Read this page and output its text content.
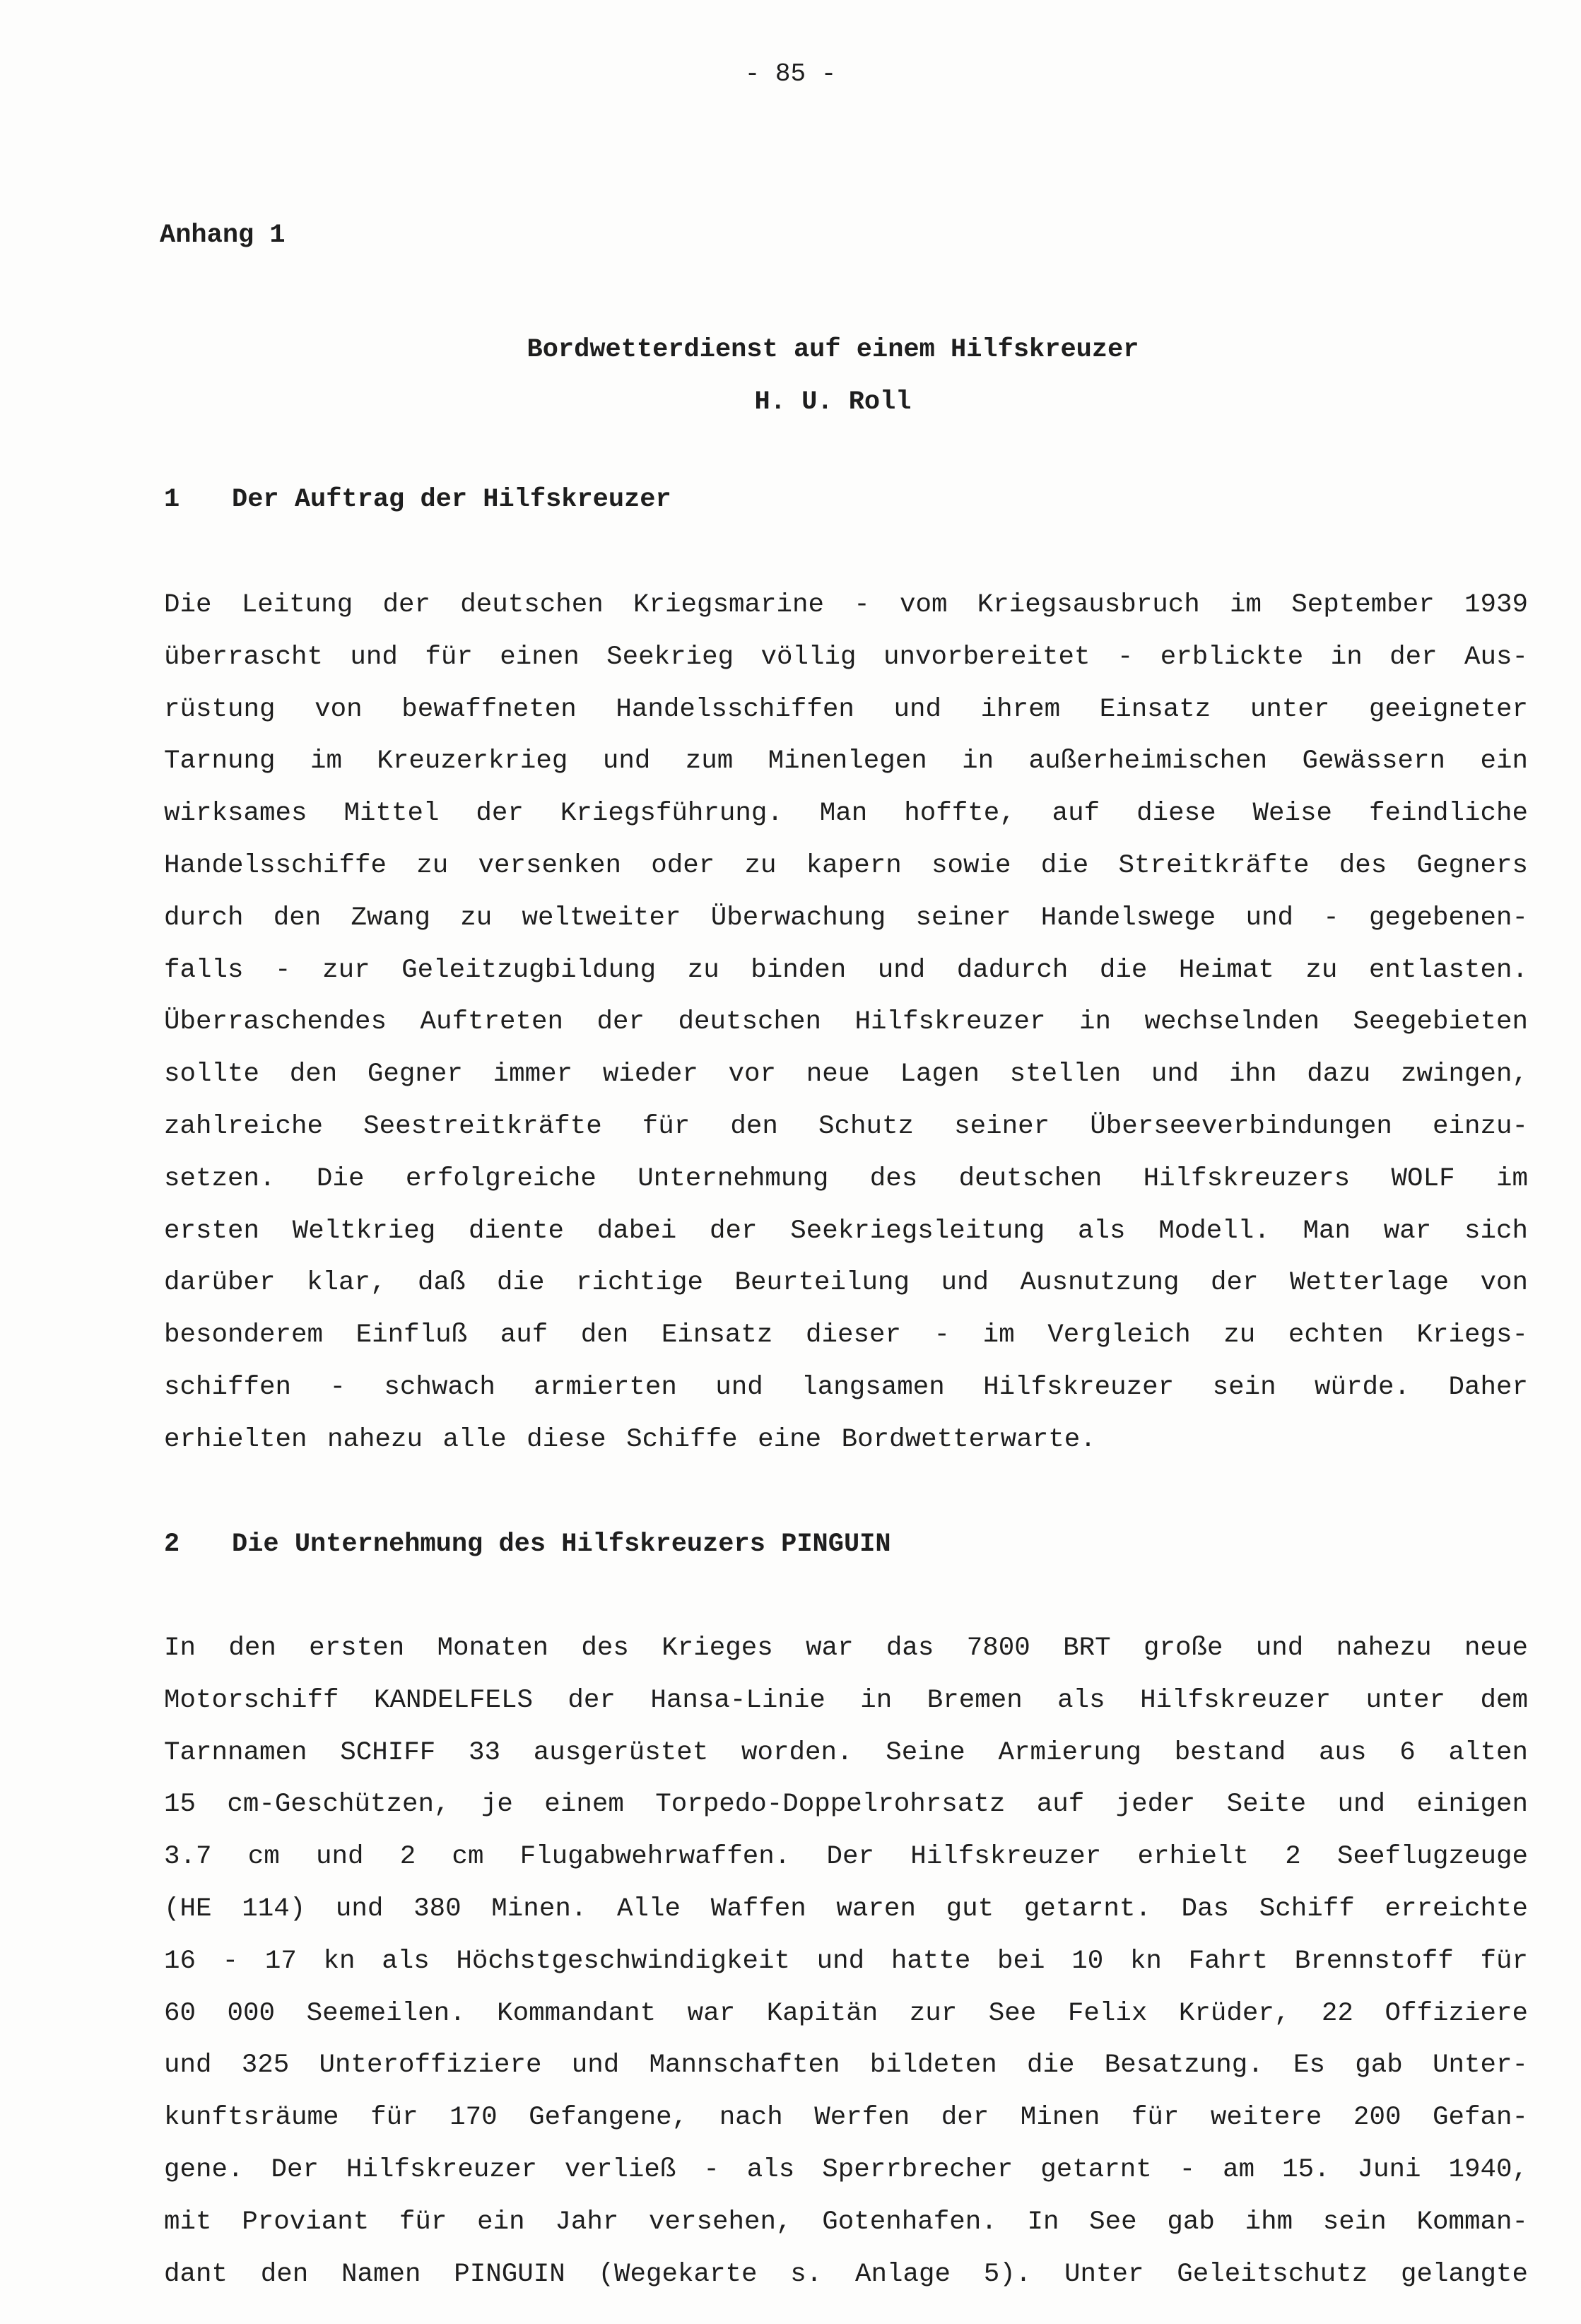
- 85 -
Anhang 1
Bordwetterdienst auf einem Hilfskreuzer
H. U. Roll
1 Der Auftrag der Hilfskreuzer
Die Leitung der deutschen Kriegsmarine - vom Kriegsausbruch im September 1939
überrascht und für einen Seekrieg völlig unvorbereitet - erblickte in der Aus-
rüstung von bewaffneten Handelsschiffen und ihrem Einsatz unter geeigneter
Tarnung im Kreuzerkrieg und zum Minenlegen in außerheimischen Gewässern ein
wirksames Mittel der Kriegsführung. Man hoffte, auf diese Weise feindliche
Handelsschiffe zu versenken oder zu kapern sowie die Streitkräfte des Gegners
durch den Zwang zu weltweiter Überwachung seiner Handelswege und - gegebenen-
falls - zur Geleitzugbildung zu binden und dadurch die Heimat zu entlasten.
Überraschendes Auftreten der deutschen Hilfskreuzer in wechselnden Seegebieten
sollte den Gegner immer wieder vor neue Lagen stellen und ihn dazu zwingen,
zahlreiche Seestreitkräfte für den Schutz seiner Überseeverbindungen einzu-
setzen. Die erfolgreiche Unternehmung des deutschen Hilfskreuzers WOLF im
ersten Weltkrieg diente dabei der Seekriegsleitung als Modell. Man war sich
darüber klar, daß die richtige Beurteilung und Ausnutzung der Wetterlage von
besonderem Einfluß auf den Einsatz dieser - im Vergleich zu echten Kriegs-
schiffen - schwach armierten und langsamen Hilfskreuzer sein würde. Daher
erhielten nahezu alle diese Schiffe eine Bordwetterwarte.
2 Die Unternehmung des Hilfskreuzers PINGUIN
In den ersten Monaten des Krieges war das 7800 BRT große und nahezu neue
Motorschiff KANDELFELS der Hansa-Linie in Bremen als Hilfskreuzer unter dem
Tarnnamen SCHIFF 33 ausgerüstet worden. Seine Armierung bestand aus 6 alten
15 cm-Geschützen, je einem Torpedo-Doppelrohrsatz auf jeder Seite und einigen
3.7 cm und 2 cm Flugabwehrwaffen. Der Hilfskreuzer erhielt 2 Seeflugzeuge
(HE 114) und 380 Minen. Alle Waffen waren gut getarnt. Das Schiff erreichte
16 - 17 kn als Höchstgeschwindigkeit und hatte bei 10 kn Fahrt Brennstoff für
60 000 Seemeilen. Kommandant war Kapitän zur See Felix Krüder, 22 Offiziere
und 325 Unteroffiziere und Mannschaften bildeten die Besatzung. Es gab Unter-
kunftsräume für 170 Gefangene, nach Werfen der Minen für weitere 200 Gefan-
gene. Der Hilfskreuzer verließ - als Sperrbrecher getarnt - am 15. Juni 1940,
mit Proviant für ein Jahr versehen, Gotenhafen. In See gab ihm sein Komman-
dant den Namen PINGUIN (Wegekarte s. Anlage 5). Unter Geleitschutz gelangte
